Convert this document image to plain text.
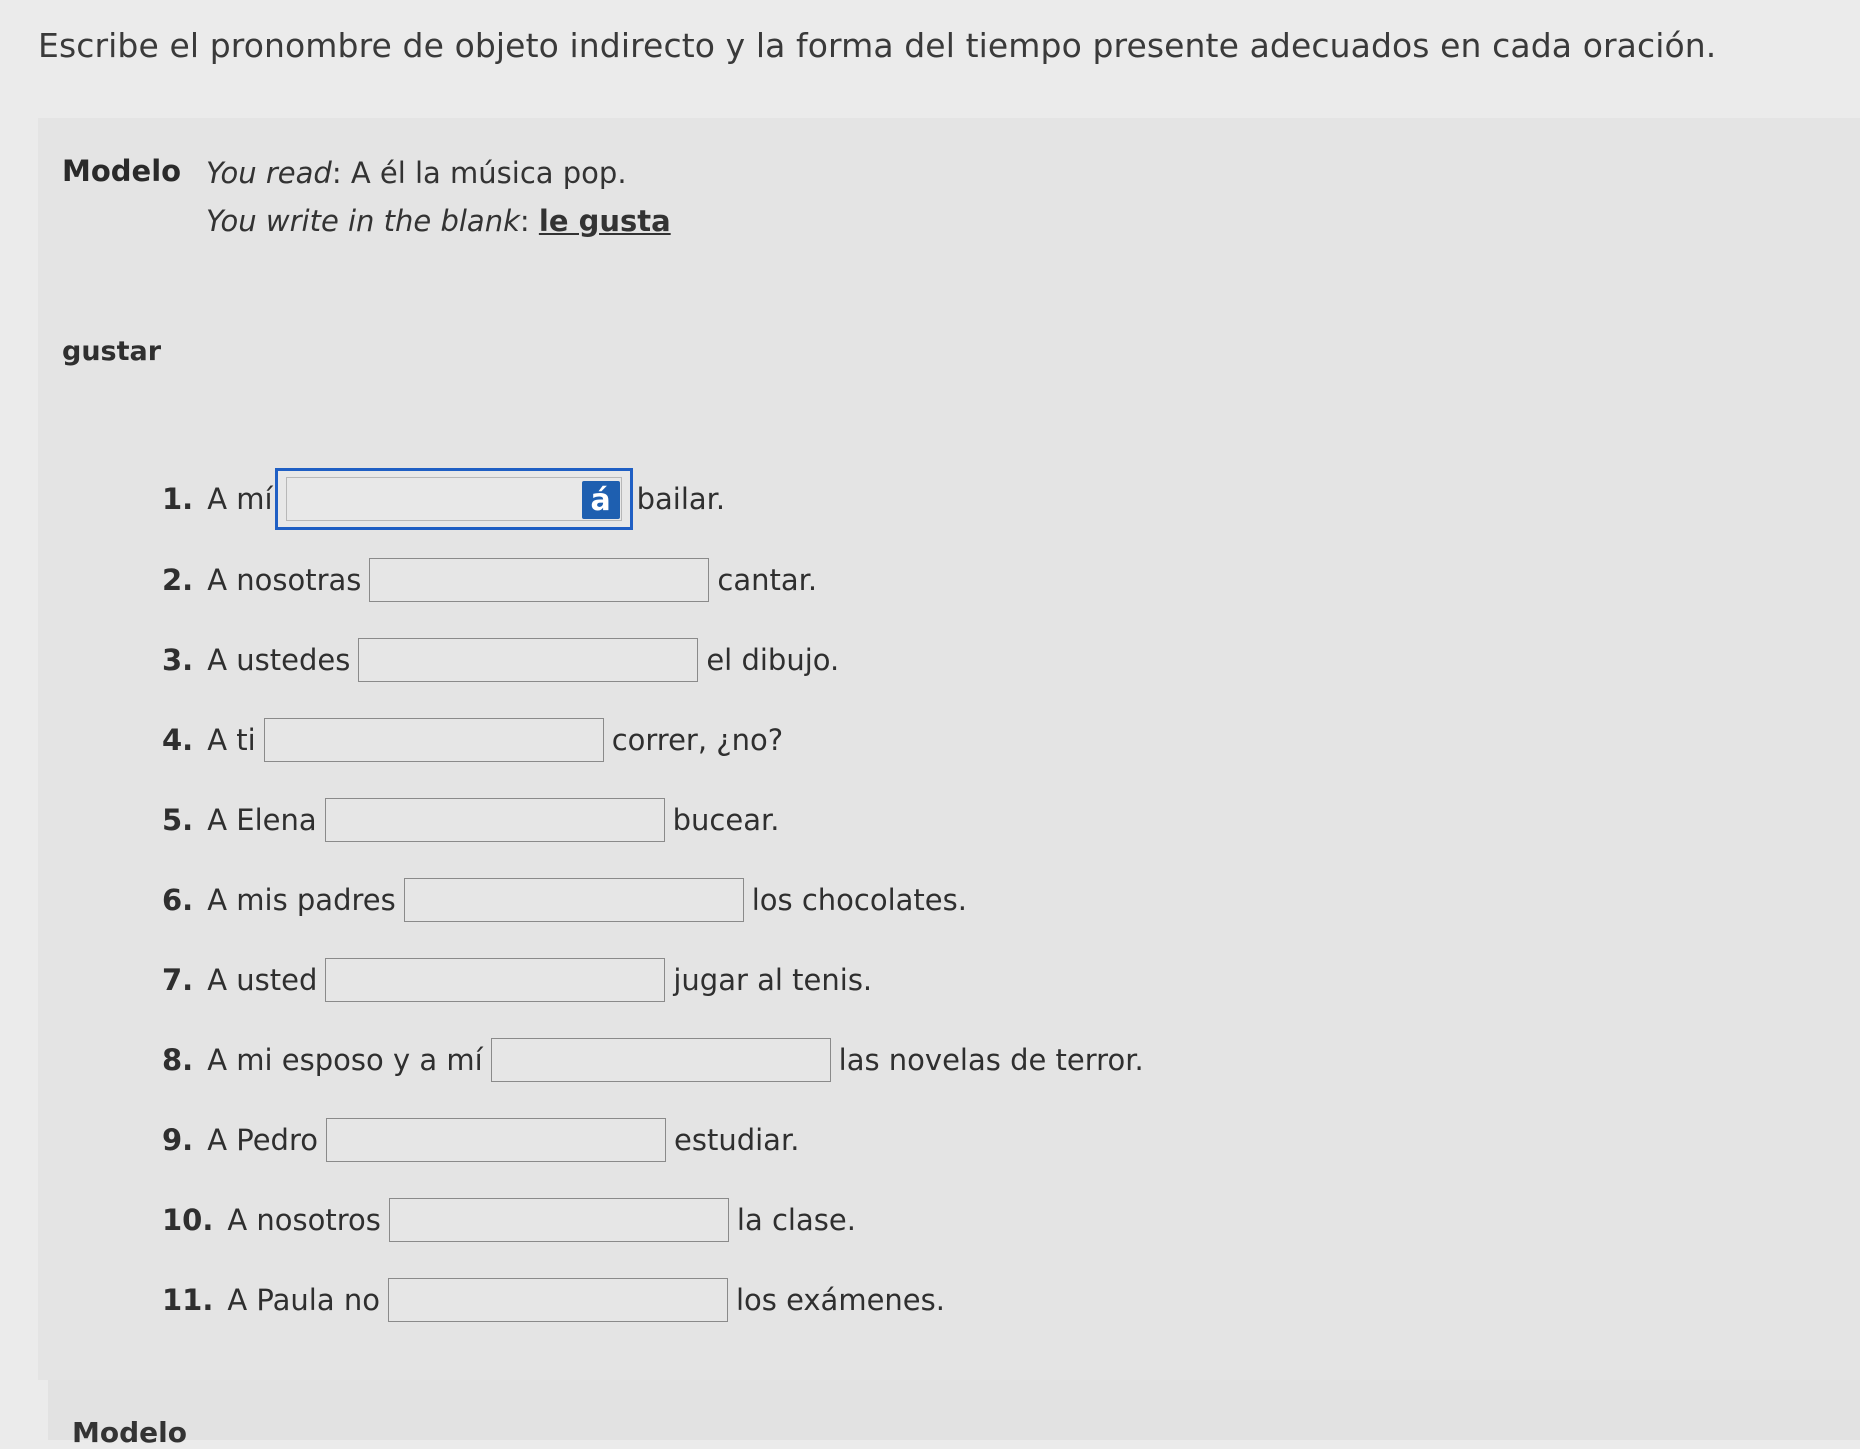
Escribe el pronombre de objeto indirecto y la forma del tiempo presente adecuados en cada oración.
Modelo You read: A él la música pop.
You write in the blank: le gusta
gustar
1. A mí	á bailar.
2. A nosotras	cantar.
3. A ustedes	el dibujo.
4. A ti	correr, ¿no?
5. A Elena	bucear.
6. A mis padres	los chocolates.
7. A usted	jugar al tenis.
8. A mi esposo y a mí	las novelas de terror.
9. A Pedro	estudiar.
10. A nosotros	la clase.
11. A Paula no	los exámenes.
Modelo
